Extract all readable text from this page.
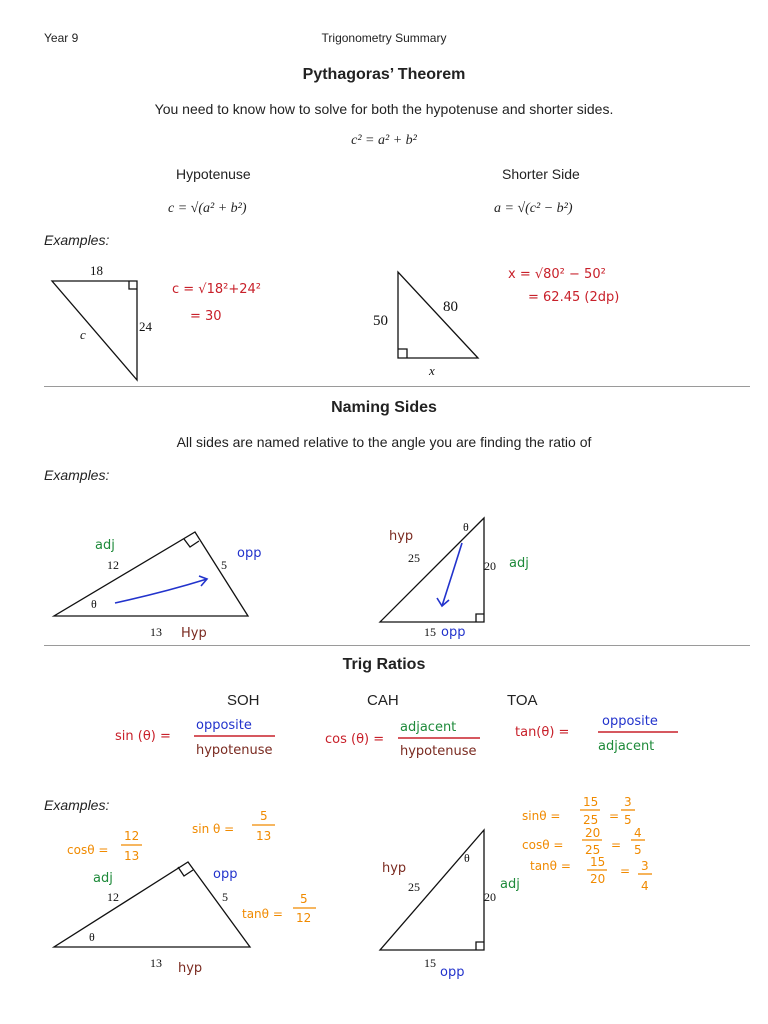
Year 9	Trigonometry Summary
Pythagoras’ Theorem
You need to know how to solve for both the hypotenuse and shorter sides.
c² = a² + b²
Hypotenuse
c = √(a² + b²)
Shorter Side
a = √(c² − b²)
Examples:
18
24
c
50
80
x
c = √18²+24²
= 30
x = √80² − 50²
= 62.45 (2dp)
12	5
13
θ
adj
opp
Hyp
25
20
15
θ
hyp
adj
opp
sin (θ) =
opposite
hypotenuse
cos (θ) =
adjacent
hypotenuse
tan(θ) =
opposite
adjacent
12	5
13
θ
adj	opp
hyp
cosθ =
12
13
sin θ =
5
13
tanθ =
5
12
25
20
15
θ
hyp
adj
opp
sinθ =
15
25 =
3
5
cosθ =
20
25 =
4
5
tanθ = 15
20
= 3
4
Naming Sides
All sides are named relative to the angle you are finding the ratio of
Examples:
Trig Ratios
SOH	CAH	TOA
Examples:
